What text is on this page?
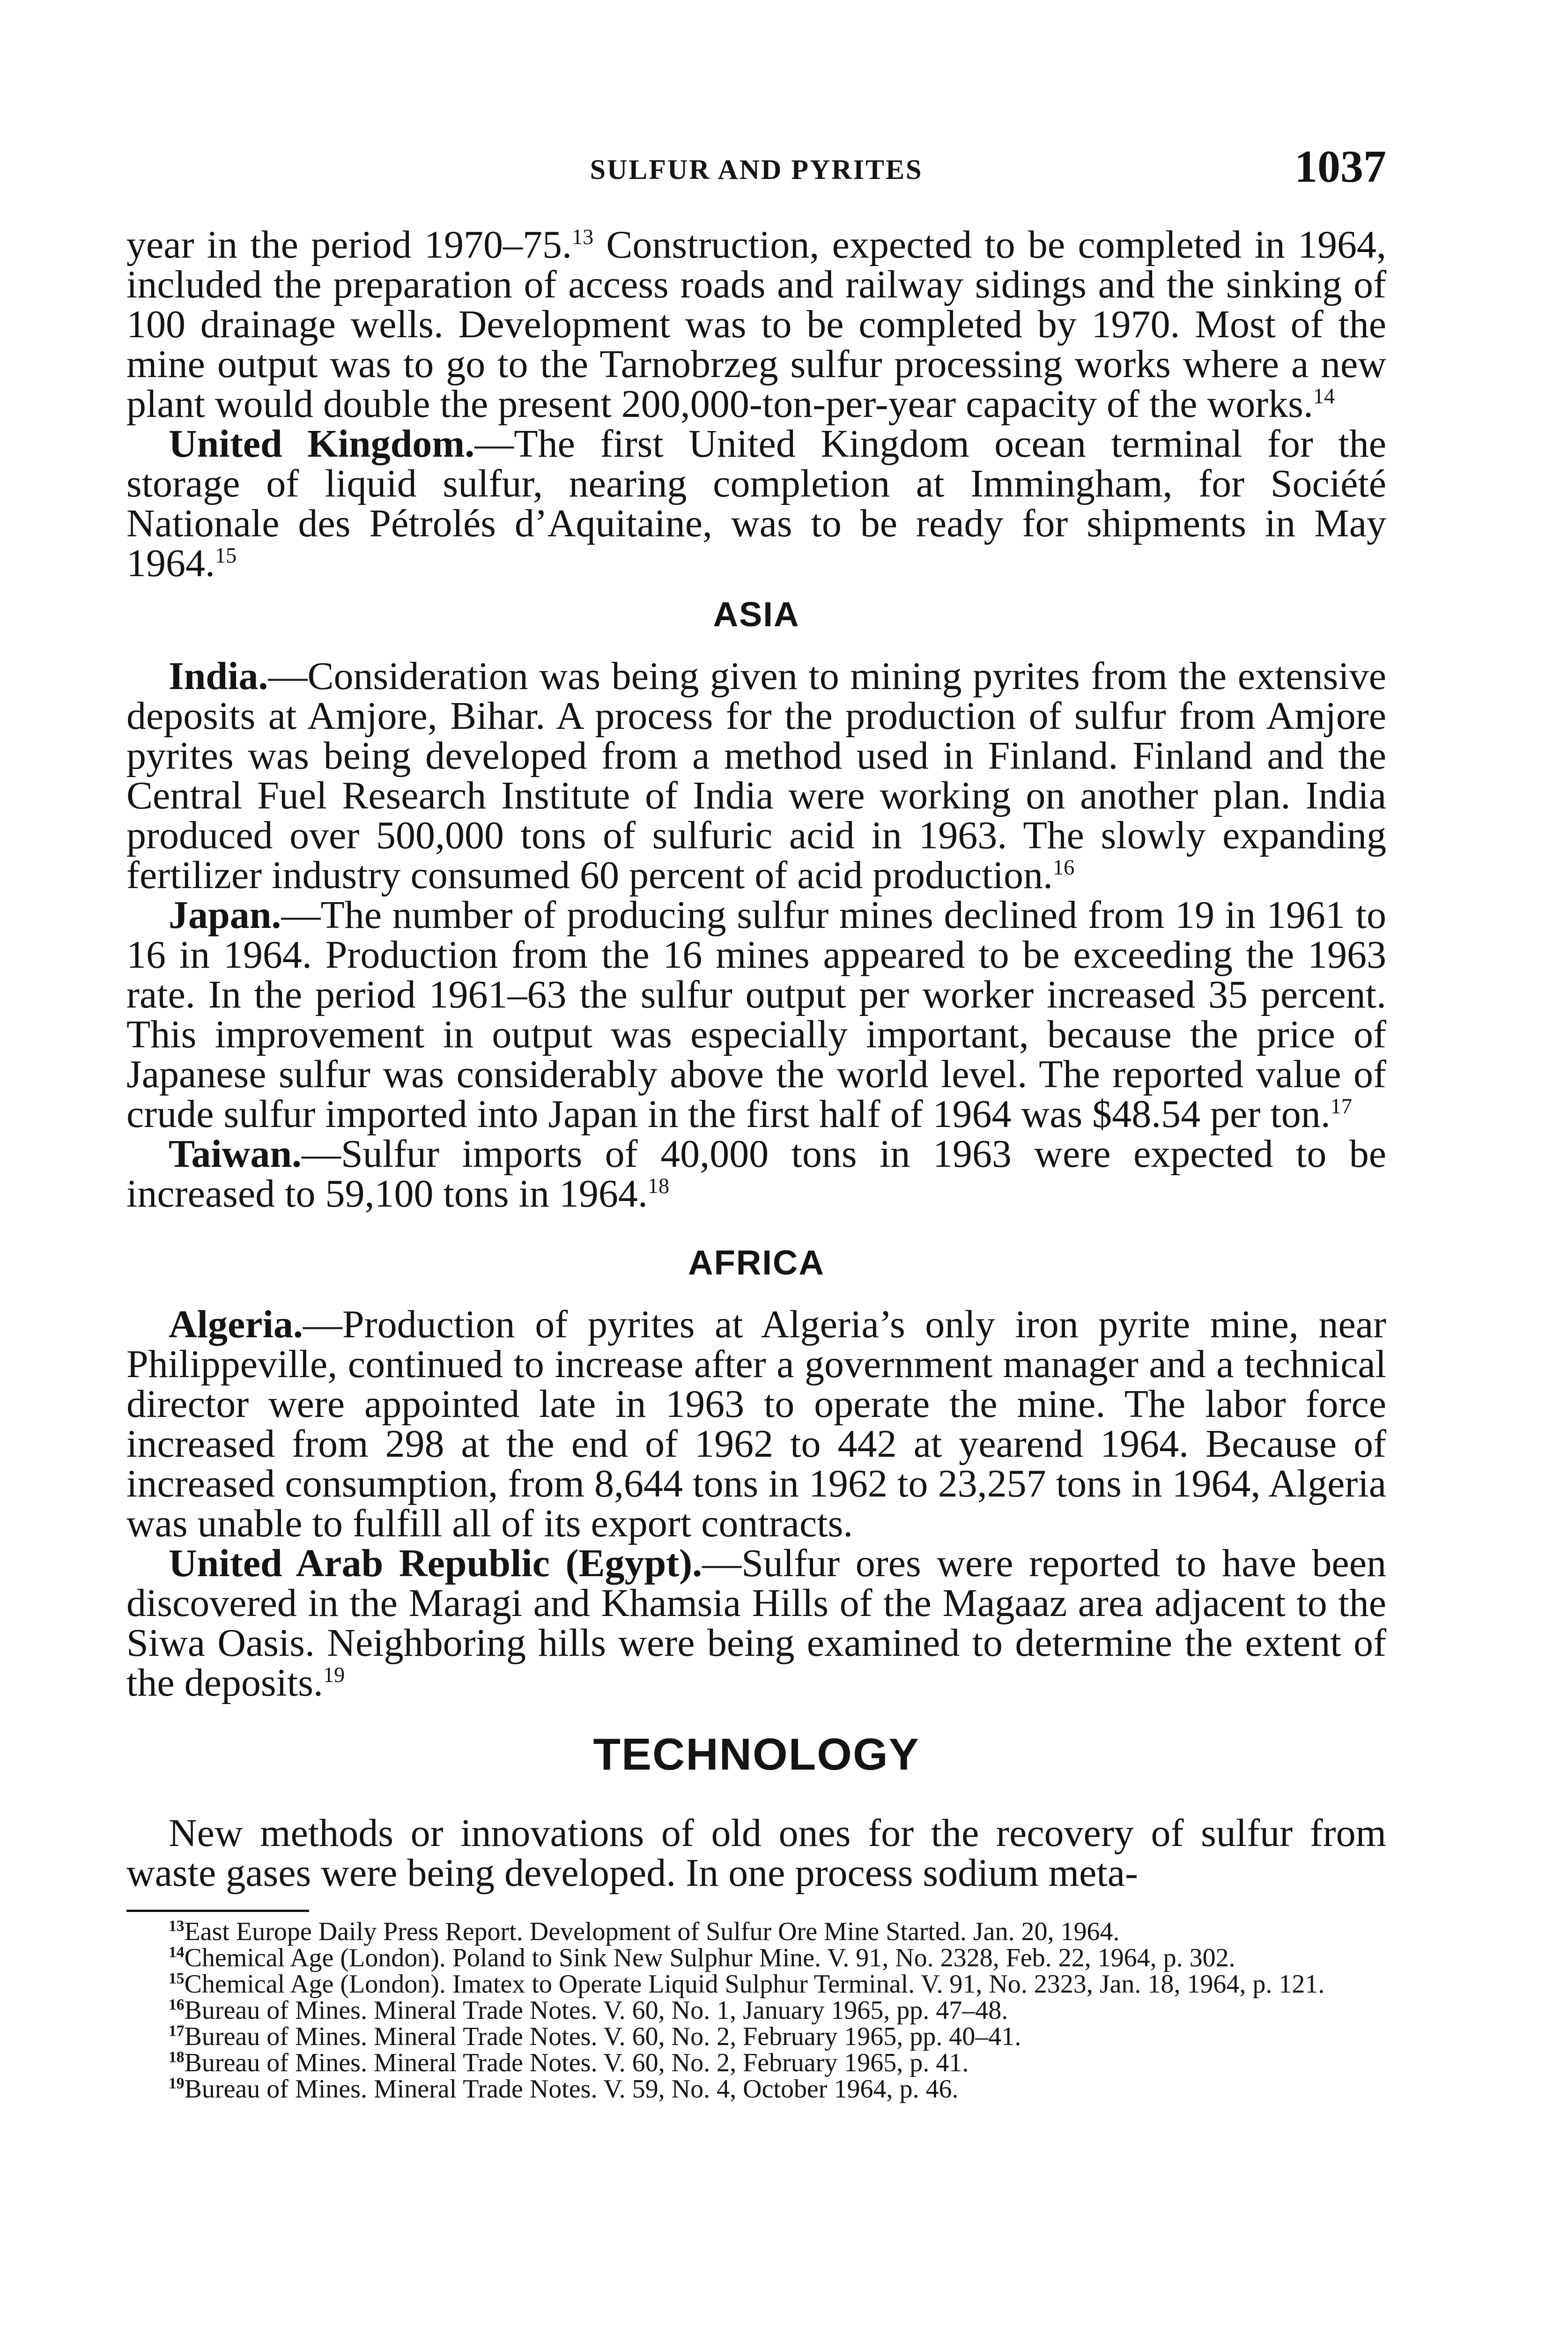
SULFUR AND PYRITES	1037

year in the period 1970–75.13 Construction, expected to be completed in 1964, included the preparation of access roads and railway sidings and the sinking of 100 drainage wells. Development was to be completed by 1970. Most of the mine output was to go to the Tarnobrzeg sulfur processing works where a new plant would double the present 200,000-ton-per-year capacity of the works.$^{14}$

United Kingdom.—The first United Kingdom ocean terminal for the storage of liquid sulfur, nearing completion at Immingham, for Société Nationale des Pétrolés d’Aquitaine, was to be ready for shipments in May 1964.15

ASIA

India.—Consideration was being given to mining pyrites from the extensive deposits at Amjore, Bihar. A process for the production of sulfur from Amjore pyrites was being developed from a method used in Finland. Finland and the Central Fuel Research Institute of India were working on another plan. India produced over 500,000 tons of sulfuric acid in 1963. The slowly expanding fertilizer industry consumed 60 percent of acid production.$^{16}$

Japan.—The number of producing sulfur mines declined from 19 in 1961 to 16 in 1964. Production from the 16 mines appeared to be exceeding the 1963 rate. In the period 1961–63 the sulfur output per worker increased 35 percent. This improvement in output was especially important, because the price of Japanese sulfur was considerably above the world level. The reported value of crude sulfur imported into Japan in the first half of 1964 was $48.54 per ton.$^{17}$

Taiwan.—Sulfur imports of 40,000 tons in 1963 were expected to be increased to 59,100 tons in 1964.18

AFRICA

Algeria.—Production of pyrites at Algeria’s only iron pyrite mine, near Philippeville, continued to increase after a government manager and a technical director were appointed late in 1963 to operate the mine. The labor force increased from 298 at the end of 1962 to 442 at yearend 1964. Because of increased consumption, from 8,644 tons in 1962 to 23,257 tons in 1964, Algeria was unable to fulfill all of its export contracts.

United Arab Republic (Egypt).—Sulfur ores were reported to have been discovered in the Maragi and Khamsia Hills of the Magaaz area adjacent to the Siwa Oasis. Neighboring hills were being examined to determine the extent of the deposits.$^{19}$

TECHNOLOGY

New methods or innovations of old ones for the recovery of sulfur from waste gases were being developed. In one process sodium meta-

$^{13}$East Europe Daily Press Report. Development of Sulfur Ore Mine Started. Jan. 20, 1964.

$^{14}$Chemical Age (London). Poland to Sink New Sulphur Mine. V. 91, No. 2328, Feb. 22, 1964, p. 302.

$^{15}$Chemical Age (London). Imatex to Operate Liquid Sulphur Terminal. V. 91, No. 2323, Jan. 18, 1964, p. 121.

$^{16}$Bureau of Mines. Mineral Trade Notes. V. 60, No. 1, January 1965, pp. 47–48.

$^{17}$Bureau of Mines. Mineral Trade Notes. V. 60, No. 2, February 1965, pp. 40–41.

$^{18}$Bureau of Mines. Mineral Trade Notes. V. 60, No. 2, February 1965, p. 41.

$^{19}$Bureau of Mines. Mineral Trade Notes. V. 59, No. 4, October 1964, p. 46.
